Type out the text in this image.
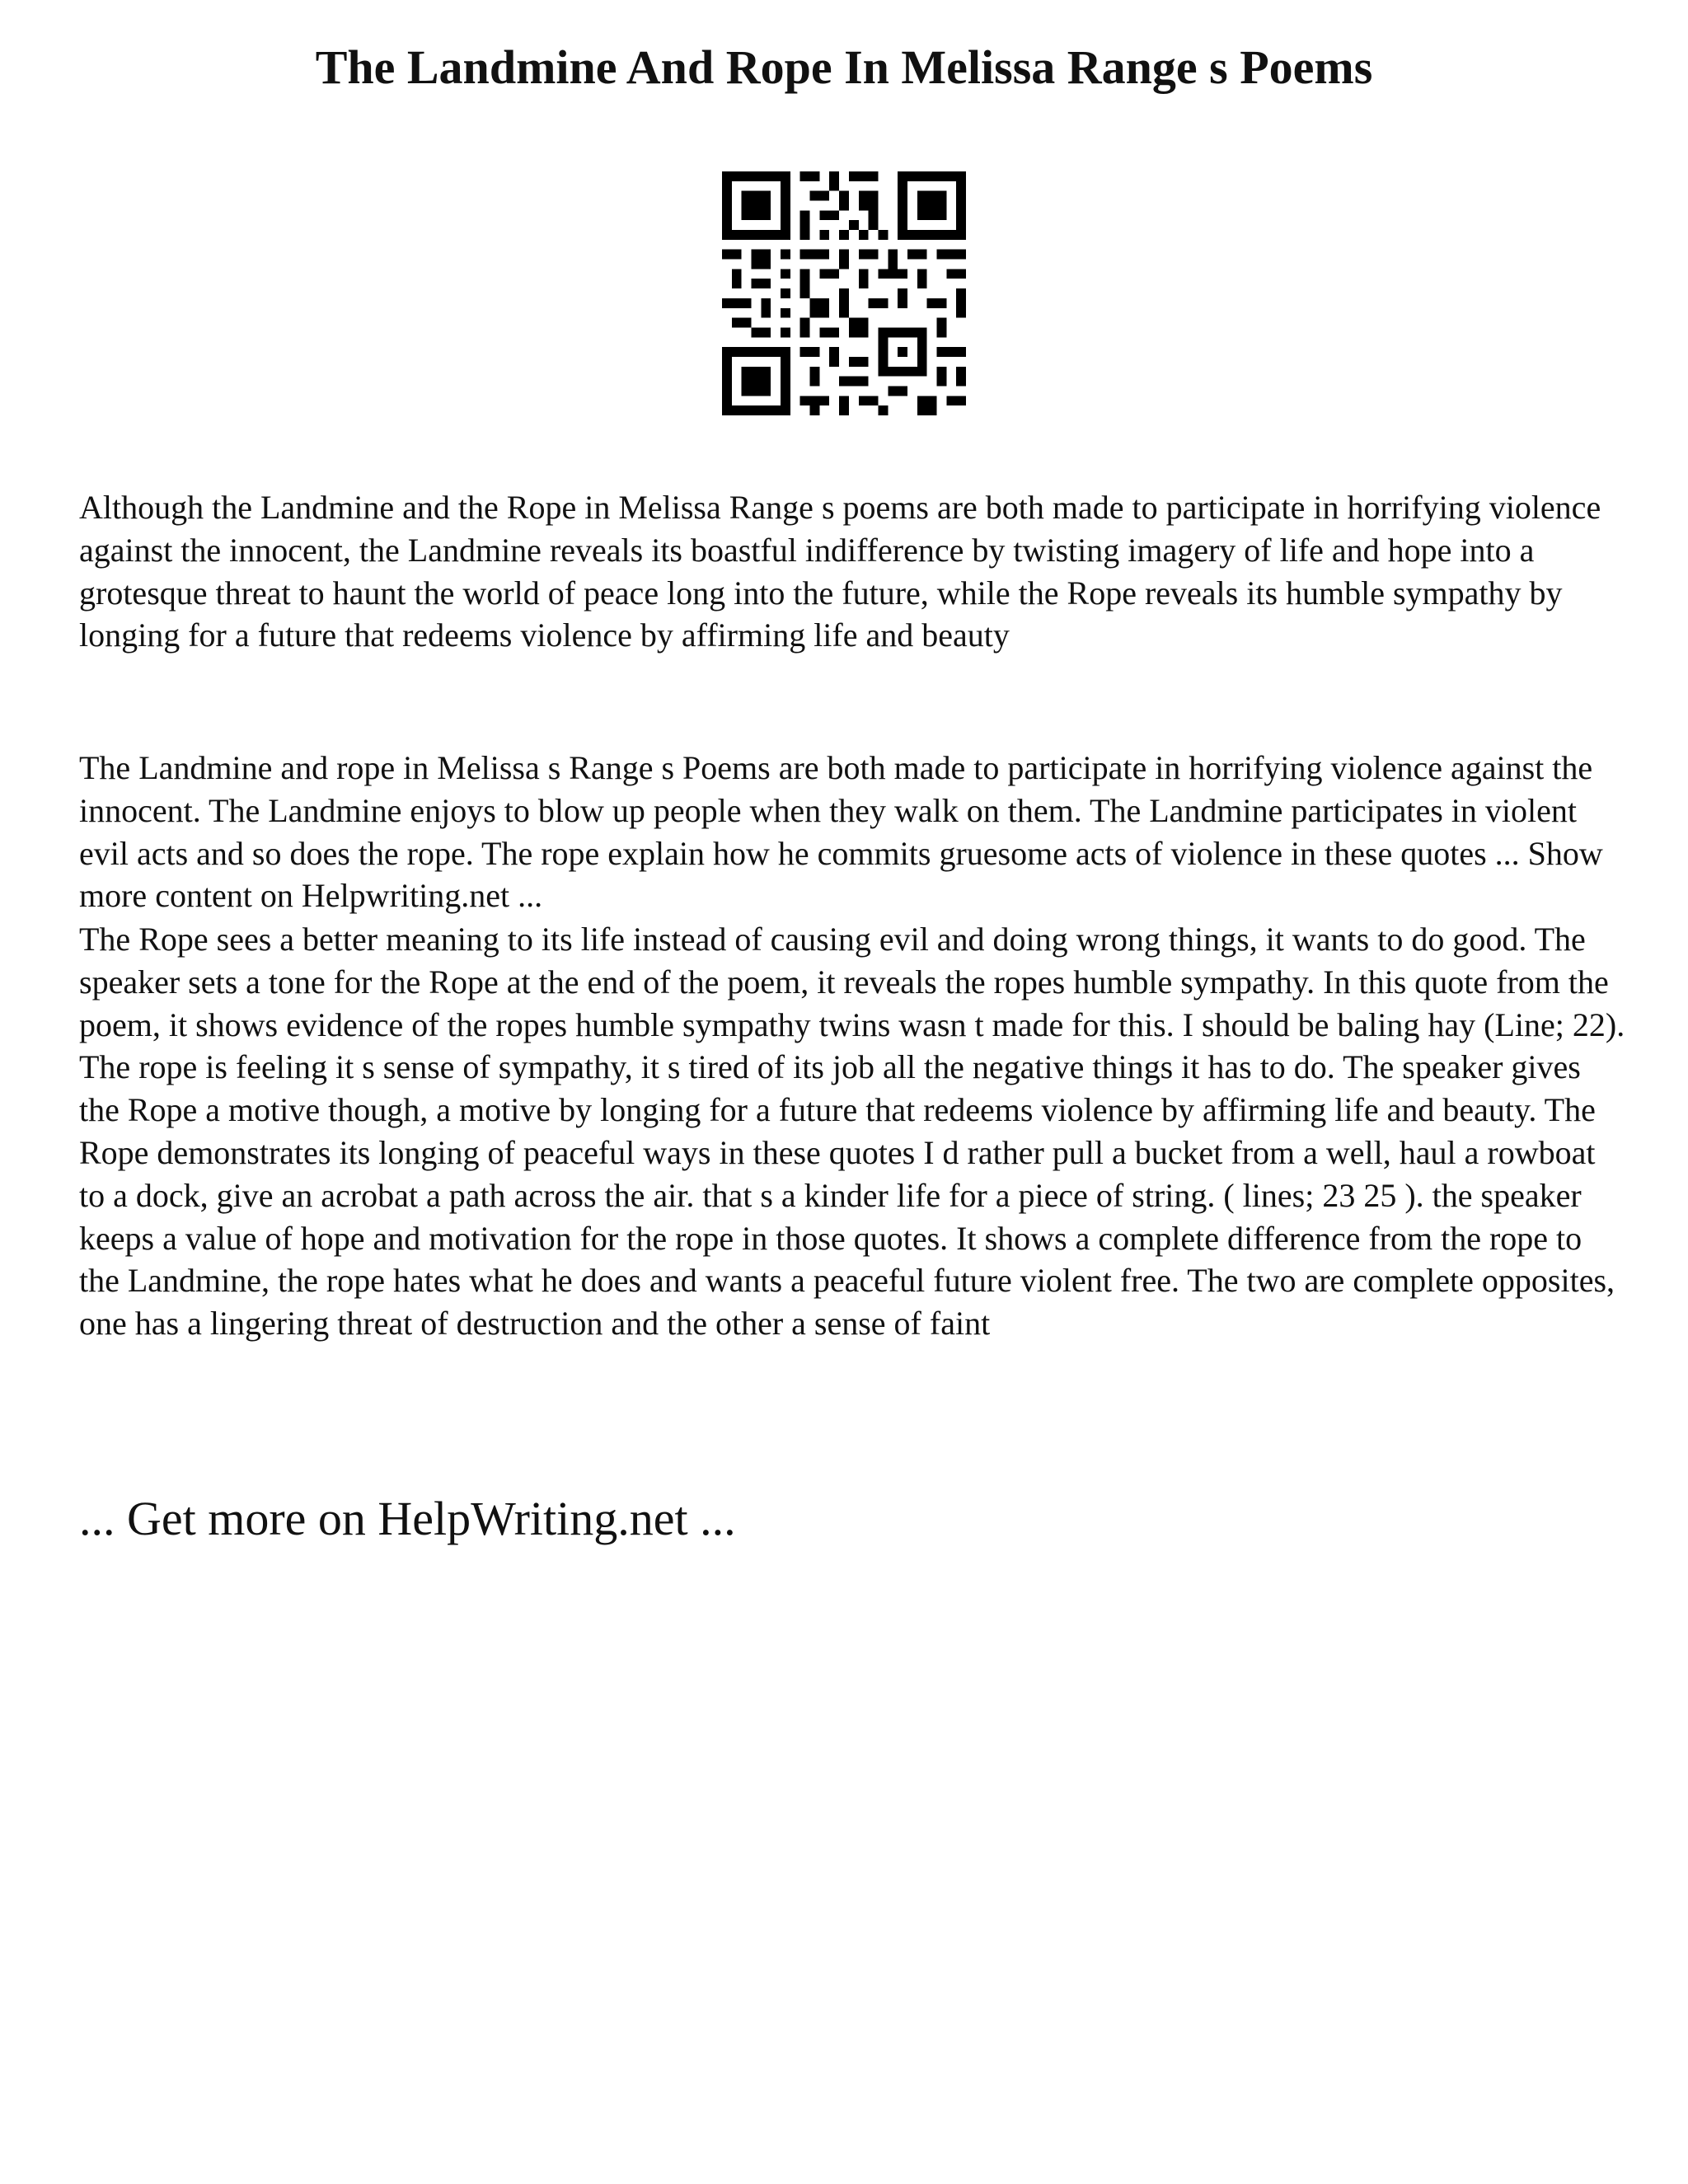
The Landmine And Rope In Melissa Range s Poems

Although the Landmine and the Rope in Melissa Range s poems are both made to participate in horrifying violence against the innocent, the Landmine reveals its boastful indifference by twisting imagery of life and hope into a grotesque threat to haunt the world of peace long into the future, while the Rope reveals its humble sympathy by longing for a future that redeems violence by affirming life and beauty

The Landmine and rope in Melissa s Range s Poems are both made to participate in horrifying violence against the innocent. The Landmine enjoys to blow up people when they walk on them. The Landmine participates in violent evil acts and so does the rope. The rope explain how he commits gruesome acts of violence in these quotes ... Show more content on Helpwriting.net ...

The Rope sees a better meaning to its life instead of causing evil and doing wrong things, it wants to do good. The speaker sets a tone for the Rope at the end of the poem, it reveals the ropes humble sympathy. In this quote from the poem, it shows evidence of the ropes humble sympathy twins wasn t made for this. I should be baling hay (Line; 22). The rope is feeling it s sense of sympathy, it s tired of its job all the negative things it has to do. The speaker gives the Rope a motive though, a motive by longing for a future that redeems violence by affirming life and beauty. The Rope demonstrates its longing of peaceful ways in these quotes I d rather pull a bucket from a well, haul a rowboat to a dock, give an acrobat a path across the air. that s a kinder life for a piece of string. ( lines; 23 25 ). the speaker keeps a value of hope and motivation for the rope in those quotes. It shows a complete difference from the rope to the Landmine, the rope hates what he does and wants a peaceful future violent free. The two are complete opposites, one has a lingering threat of destruction and the other a sense of faint

... Get more on HelpWriting.net ...
